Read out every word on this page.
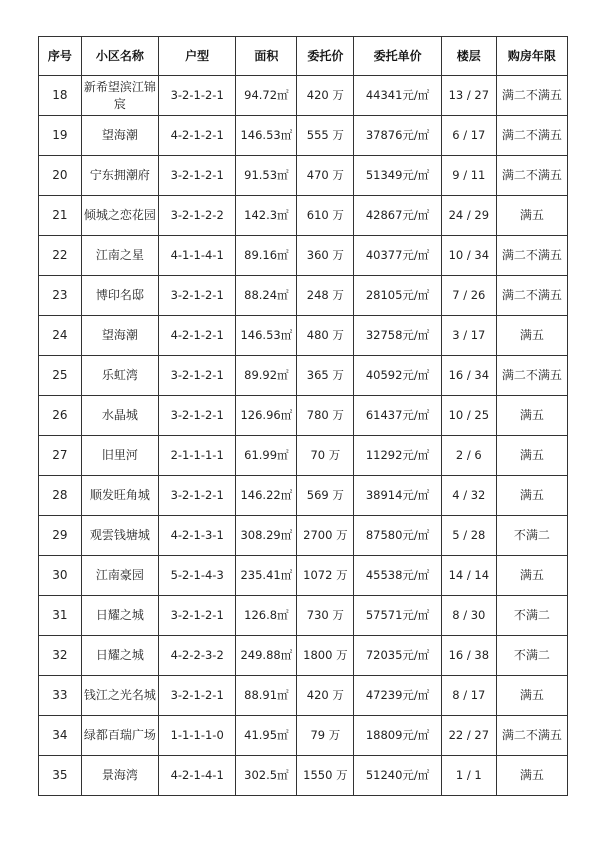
序号	小区名称	户型	面积	委托价	委托单价	楼层	购房年限
18	新希望滨江锦宸	3-2-1-2-1	94.72㎡	420 万	44341元/㎡	13 / 27	满二不满五
19	望海潮	4-2-1-2-1	146.53㎡	555 万	37876元/㎡	6 / 17	满二不满五
20	宁东拥潮府	3-2-1-2-1	91.53㎡	470 万	51349元/㎡	9 / 11	满二不满五
21	倾城之恋花园	3-2-1-2-2	142.3㎡	610 万	42867元/㎡	24 / 29	满五
22	江南之星	4-1-1-4-1	89.16㎡	360 万	40377元/㎡	10 / 34	满二不满五
23	博印名邸	3-2-1-2-1	88.24㎡	248 万	28105元/㎡	7 / 26	满二不满五
24	望海潮	4-2-1-2-1	146.53㎡	480 万	32758元/㎡	3 / 17	满五
25	乐虹湾	3-2-1-2-1	89.92㎡	365 万	40592元/㎡	16 / 34	满二不满五
26	水晶城	3-2-1-2-1	126.96㎡	780 万	61437元/㎡	10 / 25	满五
27	旧里河	2-1-1-1-1	61.99㎡	70 万	11292元/㎡	2 / 6	满五
28	顺发旺角城	3-2-1-2-1	146.22㎡	569 万	38914元/㎡	4 / 32	满五
29	观雲钱塘城	4-2-1-3-1	308.29㎡	2700 万	87580元/㎡	5 / 28	不满二
30	江南豪园	5-2-1-4-3	235.41㎡	1072 万	45538元/㎡	14 / 14	满五
31	日耀之城	3-2-1-2-1	126.8㎡	730 万	57571元/㎡	8 / 30	不满二
32	日耀之城	4-2-2-3-2	249.88㎡	1800 万	72035元/㎡	16 / 38	不满二
33	钱江之光名城	3-2-1-2-1	88.91㎡	420 万	47239元/㎡	8 / 17	满五
34	绿都百瑞广场	1-1-1-1-0	41.95㎡	79 万	18809元/㎡	22 / 27	满二不满五
35	景海湾	4-2-1-4-1	302.5㎡	1550 万	51240元/㎡	1 / 1	满五
